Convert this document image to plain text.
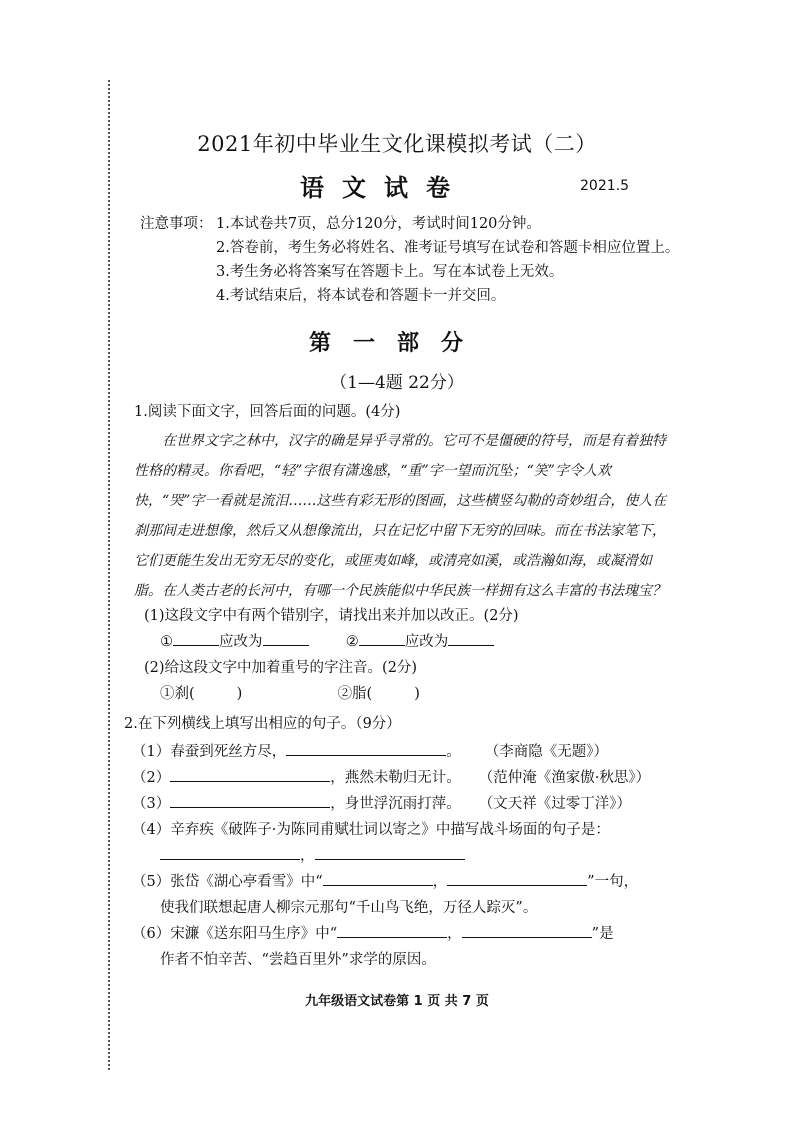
2021年初中毕业生文化课模拟考试（二）
语文试卷	2021.5
注意事项： 1.本试卷共7页，总分120分，考试时间120分钟。
2.答卷前，考生务必将姓名、准考证号填写在试卷和答题卡相应位置上。
3.考生务必将答案写在答题卡上。写在本试卷上无效。
4.考试结束后，将本试卷和答题卡一并交回。
第一部分
（1—4题 22分）
1.阅读下面文字，回答后面的问题。(4分)
在世界文字之林中，汉字的确是异乎寻常的。它可不是僵硬的符号，而是有着独特性格的精灵。你看吧，“轻”字很有潇逸感，“重”字一望而沉坠；“笑”字令人欢快，“哭”字一看就是流泪……这些有彩无形的图画，这些横竖勾勒的奇妙组合，使人在刹那间走进想像，然后又从想像流出，只在记忆中留下无穷的回味。而在书法家笔下，它们更能生发出无穷无尽的变化，或匪夷如峰，或清亮如溪，或浩瀚如海，或凝滑如脂。在人类古老的长河中，有哪一个民族能似中华民族一样拥有这么丰富的书法瑰宝？
(1)这段文字中有两个错别字，请找出来并加以改正。(2分)
①	应改为	②	应改为
(2)给这段文字中加着重号的字注音。(2分)
①刹(	)	②脂(	)
2.在下列横线上填写出相应的句子。（9分）
（1）春蚕到死丝方尽，	。 （李商隐《无题》）
（2）	，燕然未勒归无计。 （范仲淹《渔家傲·秋思》）
（3）	，身世浮沉雨打萍。 （文天祥《过零丁洋》）
（4）辛弃疾《破阵子·为陈同甫赋壮词以寄之》中描写战斗场面的句子是：
，
（5）张岱《湖心亭看雪》中“	，	”一句，
使我们联想起唐人柳宗元那句“千山鸟飞绝，万径人踪灭”。
（6）宋濂《送东阳马生序》中“	，	”是
作者不怕辛苦、“尝趋百里外”求学的原因。
九年级语文试卷第 1 页 共 7 页
